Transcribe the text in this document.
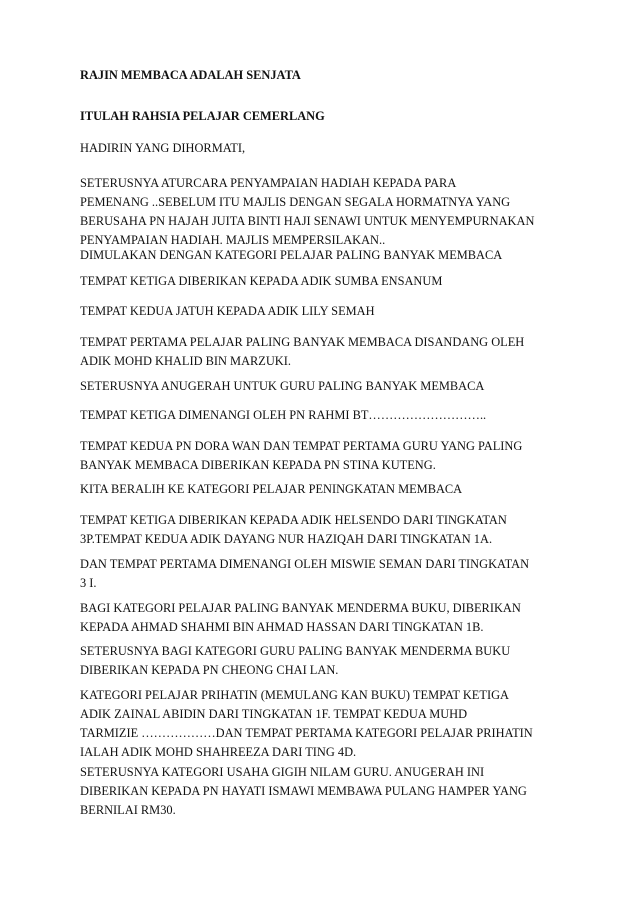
RAJIN MEMBACA ADALAH SENJATA

ITULAH RAHSIA PELAJAR CEMERLANG

HADIRIN YANG DIHORMATI,

SETERUSNYA ATURCARA PENYAMPAIAN HADIAH KEPADA PARA
PEMENANG ..SEBELUM ITU MAJLIS DENGAN SEGALA HORMATNYA YANG
BERUSAHA PN HAJAH JUITA BINTI HAJI SENAWI UNTUK MENYEMPURNAKAN
PENYAMPAIAN HADIAH. MAJLIS MEMPERSILAKAN..

DIMULAKAN DENGAN KATEGORI PELAJAR PALING BANYAK MEMBACA

TEMPAT KETIGA DIBERIKAN KEPADA ADIK SUMBA ENSANUM

TEMPAT KEDUA JATUH KEPADA ADIK LILY SEMAH

TEMPAT PERTAMA PELAJAR PALING BANYAK MEMBACA DISANDANG OLEH
ADIK MOHD KHALID BIN MARZUKI.

SETERUSNYA ANUGERAH UNTUK GURU PALING BANYAK MEMBACA

TEMPAT KETIGA DIMENANGI OLEH PN RAHMI BT………………………..

TEMPAT KEDUA PN DORA WAN DAN TEMPAT PERTAMA GURU YANG PALING
BANYAK MEMBACA DIBERIKAN KEPADA PN STINA KUTENG.

KITA BERALIH KE KATEGORI PELAJAR PENINGKATAN MEMBACA

TEMPAT KETIGA DIBERIKAN KEPADA ADIK HELSENDO DARI TINGKATAN
3P.TEMPAT KEDUA ADIK DAYANG NUR HAZIQAH DARI TINGKATAN 1A.

DAN TEMPAT PERTAMA DIMENANGI OLEH MISWIE SEMAN DARI TINGKATAN
3 I.

BAGI KATEGORI PELAJAR PALING BANYAK MENDERMA BUKU, DIBERIKAN
KEPADA AHMAD SHAHMI BIN AHMAD HASSAN DARI TINGKATAN 1B.

SETERUSNYA BAGI KATEGORI GURU PALING BANYAK MENDERMA BUKU
DIBERIKAN KEPADA PN CHEONG CHAI LAN.

KATEGORI PELAJAR PRIHATIN (MEMULANG KAN BUKU) TEMPAT KETIGA
ADIK ZAINAL ABIDIN DARI TINGKATAN 1F. TEMPAT KEDUA MUHD
TARMIZIE ………………DAN TEMPAT PERTAMA KATEGORI PELAJAR PRIHATIN
IALAH ADIK MOHD SHAHREEZA DARI TING 4D.

SETERUSNYA KATEGORI USAHA GIGIH NILAM GURU. ANUGERAH INI
DIBERIKAN KEPADA PN HAYATI ISMAWI MEMBAWA PULANG HAMPER YANG
BERNILAI RM30.
